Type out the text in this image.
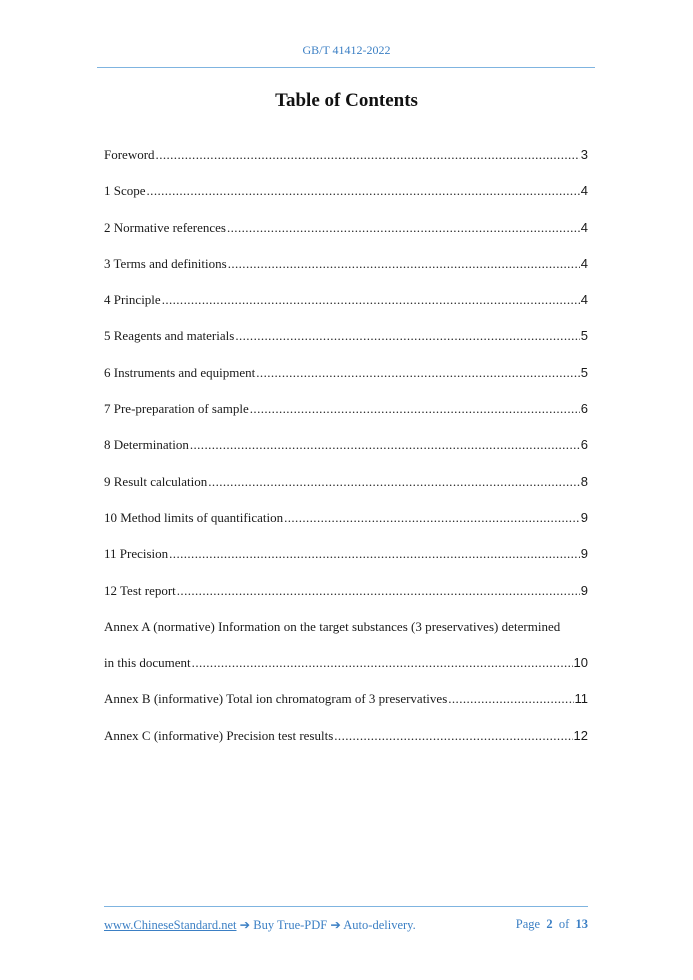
GB/T 41412-2022
Table of Contents
Foreword .....	3
1 Scope .....	4
2 Normative references .....	4
3 Terms and definitions .....	4
4 Principle .....	4
5 Reagents and materials .....	5
6 Instruments and equipment .....	5
7 Pre-preparation of sample .....	6
8 Determination .....	6
9 Result calculation .....	8
10 Method limits of quantification .....	9
11 Precision .....	9
12 Test report .....	9
Annex A (normative) Information on the target substances (3 preservatives) determined
in this document .....	10
Annex B (informative) Total ion chromatogram of 3 preservatives .....	11
Annex C (informative) Precision test results .....	12
www.ChineseStandard.net ➔ Buy True-PDF ➔ Auto-delivery.	Page 2 of 13
